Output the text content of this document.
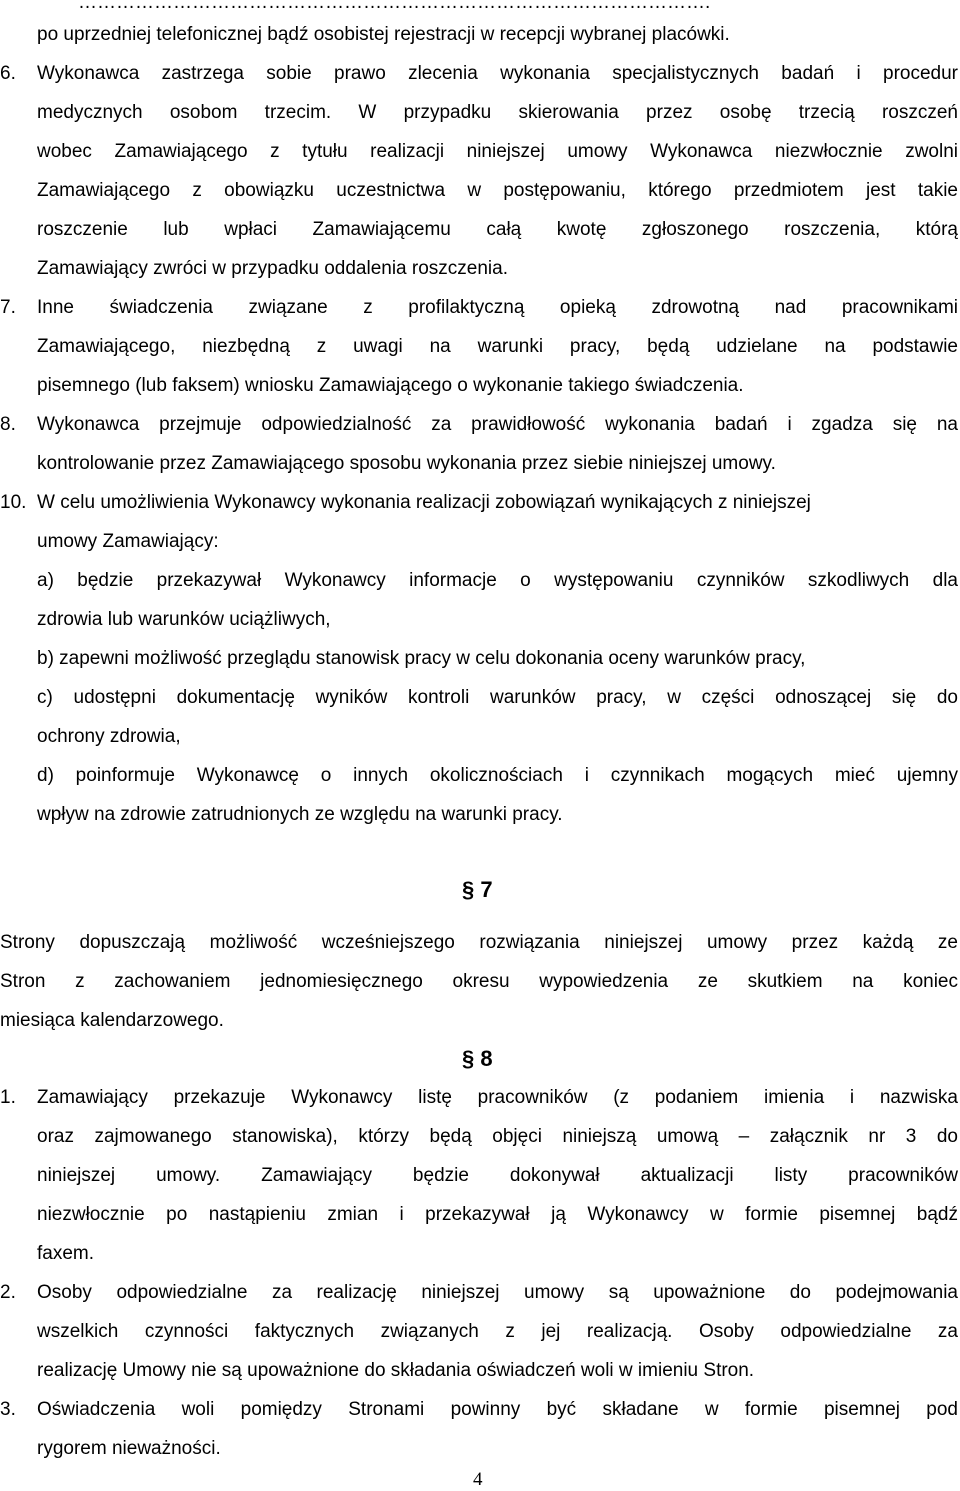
……………………………………………………………………………………….
po uprzedniej telefonicznej bądź osobistej rejestracji w recepcji wybranej placówki.
6. Wykonawca zastrzega sobie prawo zlecenia wykonania specjalistycznych badań i procedur
medycznych osobom trzecim. W przypadku skierowania przez osobę trzecią roszczeń
wobec Zamawiającego z tytułu realizacji niniejszej umowy Wykonawca niezwłocznie zwolni
Zamawiającego z obowiązku uczestnictwa w postępowaniu, którego przedmiotem jest takie
roszczenie lub wpłaci Zamawiającemu całą kwotę zgłoszonego roszczenia, którą
Zamawiający zwróci w przypadku oddalenia roszczenia.
7. Inne świadczenia związane z profilaktyczną opieką zdrowotną nad pracownikami
Zamawiającego, niezbędną z uwagi na warunki pracy, będą udzielane na podstawie
pisemnego (lub faksem) wniosku Zamawiającego o wykonanie takiego świadczenia.
8. Wykonawca przejmuje odpowiedzialność za prawidłowość wykonania badań i zgadza się na
kontrolowanie przez Zamawiającego sposobu wykonania przez siebie niniejszej umowy.
10. W celu umożliwienia Wykonawcy wykonania realizacji zobowiązań wynikających z niniejszej
umowy Zamawiający:
a) będzie przekazywał Wykonawcy informacje o występowaniu czynników szkodliwych dla
zdrowia lub warunków uciążliwych,
b) zapewni możliwość przeglądu stanowisk pracy w celu dokonania oceny warunków pracy,
c) udostępni dokumentację wyników kontroli warunków pracy, w części odnoszącej się do
ochrony zdrowia,
d) poinformuje Wykonawcę o innych okolicznościach i czynnikach mogących mieć ujemny
wpływ na zdrowie zatrudnionych ze względu na warunki pracy.
§ 7
Strony dopuszczają możliwość wcześniejszego rozwiązania niniejszej umowy przez każdą ze
Stron z zachowaniem jednomiesięcznego okresu wypowiedzenia ze skutkiem na koniec
miesiąca kalendarzowego.
§ 8
1. Zamawiający przekazuje Wykonawcy listę pracowników (z podaniem imienia i nazwiska
oraz zajmowanego stanowiska), którzy będą objęci niniejszą umową – załącznik nr 3 do
niniejszej umowy. Zamawiający będzie dokonywał aktualizacji listy pracowników
niezwłocznie po nastąpieniu zmian i przekazywał ją Wykonawcy w formie pisemnej bądź
faxem.
2. Osoby odpowiedzialne za realizację niniejszej umowy są upoważnione do podejmowania
wszelkich czynności faktycznych związanych z jej realizacją. Osoby odpowiedzialne za
realizację Umowy nie są upoważnione do składania oświadczeń woli w imieniu Stron.
3. Oświadczenia woli pomiędzy Stronami powinny być składane w formie pisemnej pod
rygorem nieważności.
4
